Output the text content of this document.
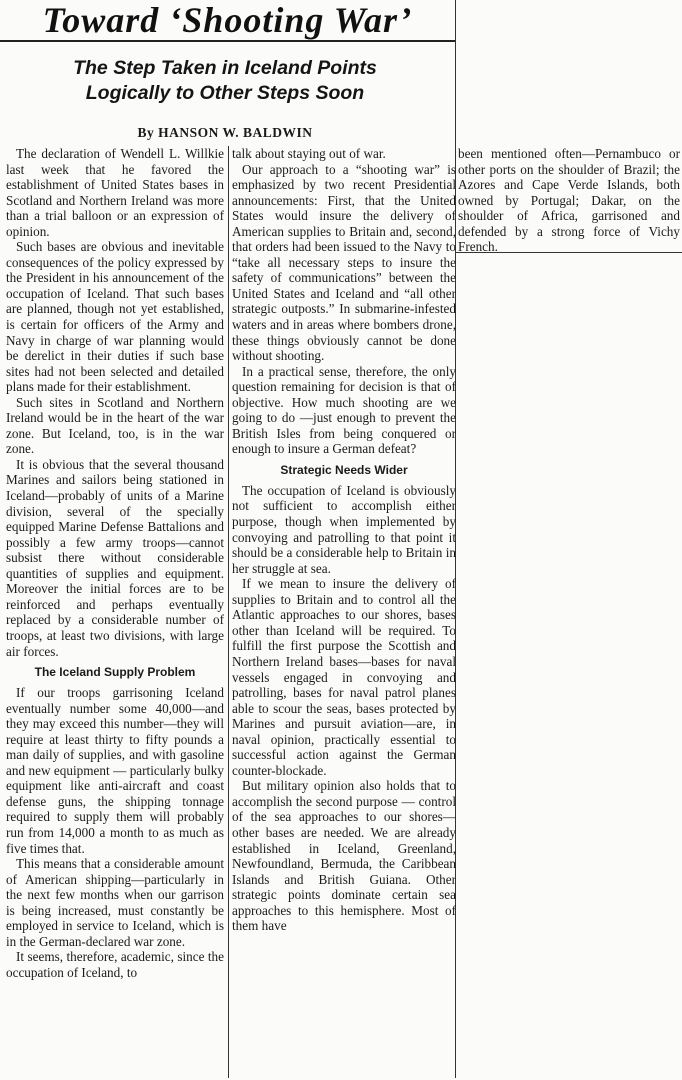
Toward ‘Shooting War’
The Step Taken in Iceland Points
Logically to Other Steps Soon
By HANSON W. BALDWIN

The declaration of Wendell L. Willkie last week that he favored the establishment of United States bases in Scotland and Northern Ireland was more than a trial balloon or an expression of opinion.

Such bases are obvious and inevitable consequences of the policy expressed by the President in his announcement of the occupation of Iceland. That such bases are planned, though not yet established, is certain for officers of the Army and Navy in charge of war planning would be derelict in their duties if such base sites had not been selected and detailed plans made for their establishment.

Such sites in Scotland and Northern Ireland would be in the heart of the war zone. But Iceland, too, is in the war zone.

It is obvious that the several thousand Marines and sailors being stationed in Iceland—probably of units of a Marine division, several of the specially equipped Marine Defense Battalions and possibly a few army troops—cannot subsist there without considerable quantities of supplies and equipment. Moreover the initial forces are to be reinforced and perhaps eventually replaced by a considerable number of troops, at least two divisions, with large air forces.

The Iceland Supply Problem

If our troops garrisoning Iceland eventually number some 40,000—and they may exceed this number—they will require at least thirty to fifty pounds a man daily of supplies, and with gasoline and new equipment — particularly bulky equipment like anti-aircraft and coast defense guns, the shipping tonnage required to supply them will probably run from 14,000 a month to as much as five times that.

This means that a considerable amount of American shipping—particularly in the next few months when our garrison is being increased, must constantly be employed in service to Iceland, which is in the German-declared war zone.

It seems, therefore, academic, since the occupation of Iceland, to

talk about staying out of war.

Our approach to a “shooting war” is emphasized by two recent Presidential announcements: First, that the United States would insure the delivery of American supplies to Britain and, second, that orders had been issued to the Navy to “take all necessary steps to insure the safety of communications” between the United States and Iceland and “all other strategic outposts.” In submarine-infested waters and in areas where bombers drone, these things obviously cannot be done without shooting.

In a practical sense, therefore, the only question remaining for decision is that of objective. How much shooting are we going to do —just enough to prevent the British Isles from being conquered or enough to insure a German defeat?

Strategic Needs Wider

The occupation of Iceland is obviously not sufficient to accomplish either purpose, though when implemented by convoying and patrolling to that point it should be a considerable help to Britain in her struggle at sea.

If we mean to insure the delivery of supplies to Britain and to control all the Atlantic approaches to our shores, bases other than Iceland will be required. To fulfill the first purpose the Scottish and Northern Ireland bases—bases for naval vessels engaged in convoying and patrolling, bases for naval patrol planes able to scour the seas, bases protected by Marines and pursuit aviation—are, in naval opinion, practically essential to successful action against the German counter-blockade.

But military opinion also holds that to accomplish the second purpose — control of the sea approaches to our shores—other bases are needed. We are already established in Iceland, Greenland, Newfoundland, Bermuda, the Caribbean Islands and British Guiana. Other strategic points dominate certain sea approaches to this hemisphere. Most of them have

been mentioned often—Pernambuco or other ports on the shoulder of Brazil; the Azores and Cape Verde Islands, both owned by Portugal; Dakar, on the shoulder of Africa, garrisoned and defended by a strong force of Vichy French.
